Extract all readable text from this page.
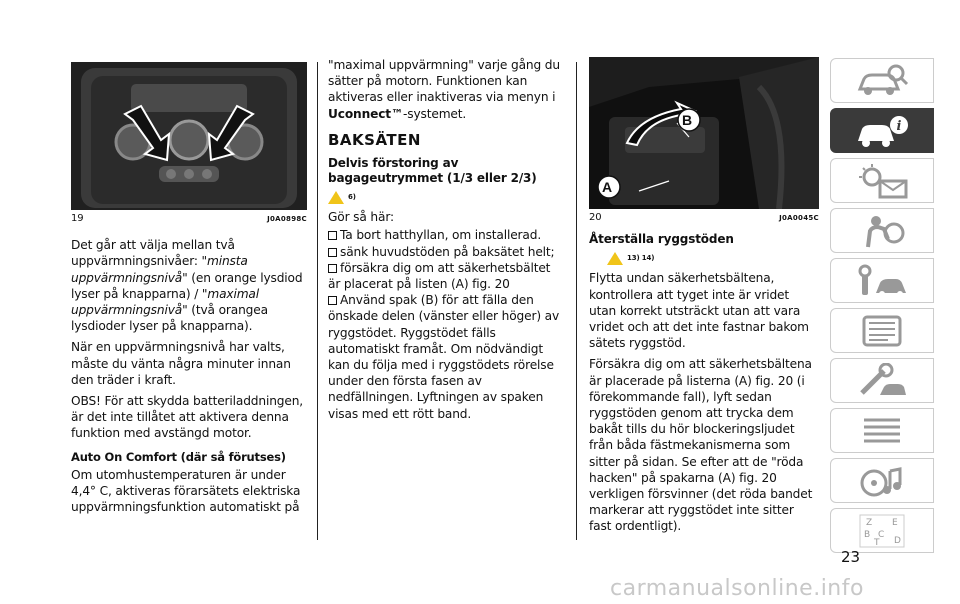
19	J0A0898C

Det går att välja mellan två uppvärmningsnivåer: "minsta uppvärmningsnivå" (en orange lysdiod lyser på knapparna) / "maximal uppvärmningsnivå" (två orangea lysdioder lyser på knapparna).

När en uppvärmningsnivå har valts, måste du vänta några minuter innan den träder i kraft.

OBS! För att skydda batteriladdningen, är det inte tillåtet att aktivera denna funktion med avstängd motor.

Auto On Comfort (där så förutses)

Om utomhustemperaturen är under 4,4° C, aktiveras förarsätets elektriska uppvärmningsfunktion automatiskt på

"maximal uppvärmning" varje gång du sätter på motorn. Funktionen kan aktiveras eller inaktiveras via menyn i Uconnect™-systemet.

BAKSÄTEN
Delvis förstoring av bagageutrymmet (1/3 eller 2/3)
6)

Gör så här:

Ta bort hatthyllan, om installerad.
sänk huvudstöden på baksätet helt;
försäkra dig om att säkerhetsbältet är placerat på listen (A) fig. 20
Använd spak (B) för att fälla den önskade delen (vänster eller höger) av ryggstödet. Ryggstödet fälls automatiskt framåt. Om nödvändigt kan du följa med i ryggstödets rörelse under den första fasen av nedfällningen. Lyftningen av spaken visas med ett rött band.
B
A
20	J0A0045C
Återställa ryggstöden
13) 14)

Flytta undan säkerhetsbältena, kontrollera att tyget inte är vridet utan korrekt utsträckt utan att vara vridet och att det inte fastnar bakom sätets ryggstöd.

Försäkra dig om att säkerhetsbältena är placerade på listerna (A) fig. 20 (i förekommande fall), lyft sedan ryggstöden genom att trycka dem bakåt tills du hör blockeringsljudet från båda fästmekanismerna som sitter på sidan. Se efter att de "röda hacken" på spakarna (A) fig. 20 verkligen försvinner (det röda bandet markerar att ryggstödet inte sitter fast ordentligt).

i
Z E
B C
T D
23
carmanualsonline.info
